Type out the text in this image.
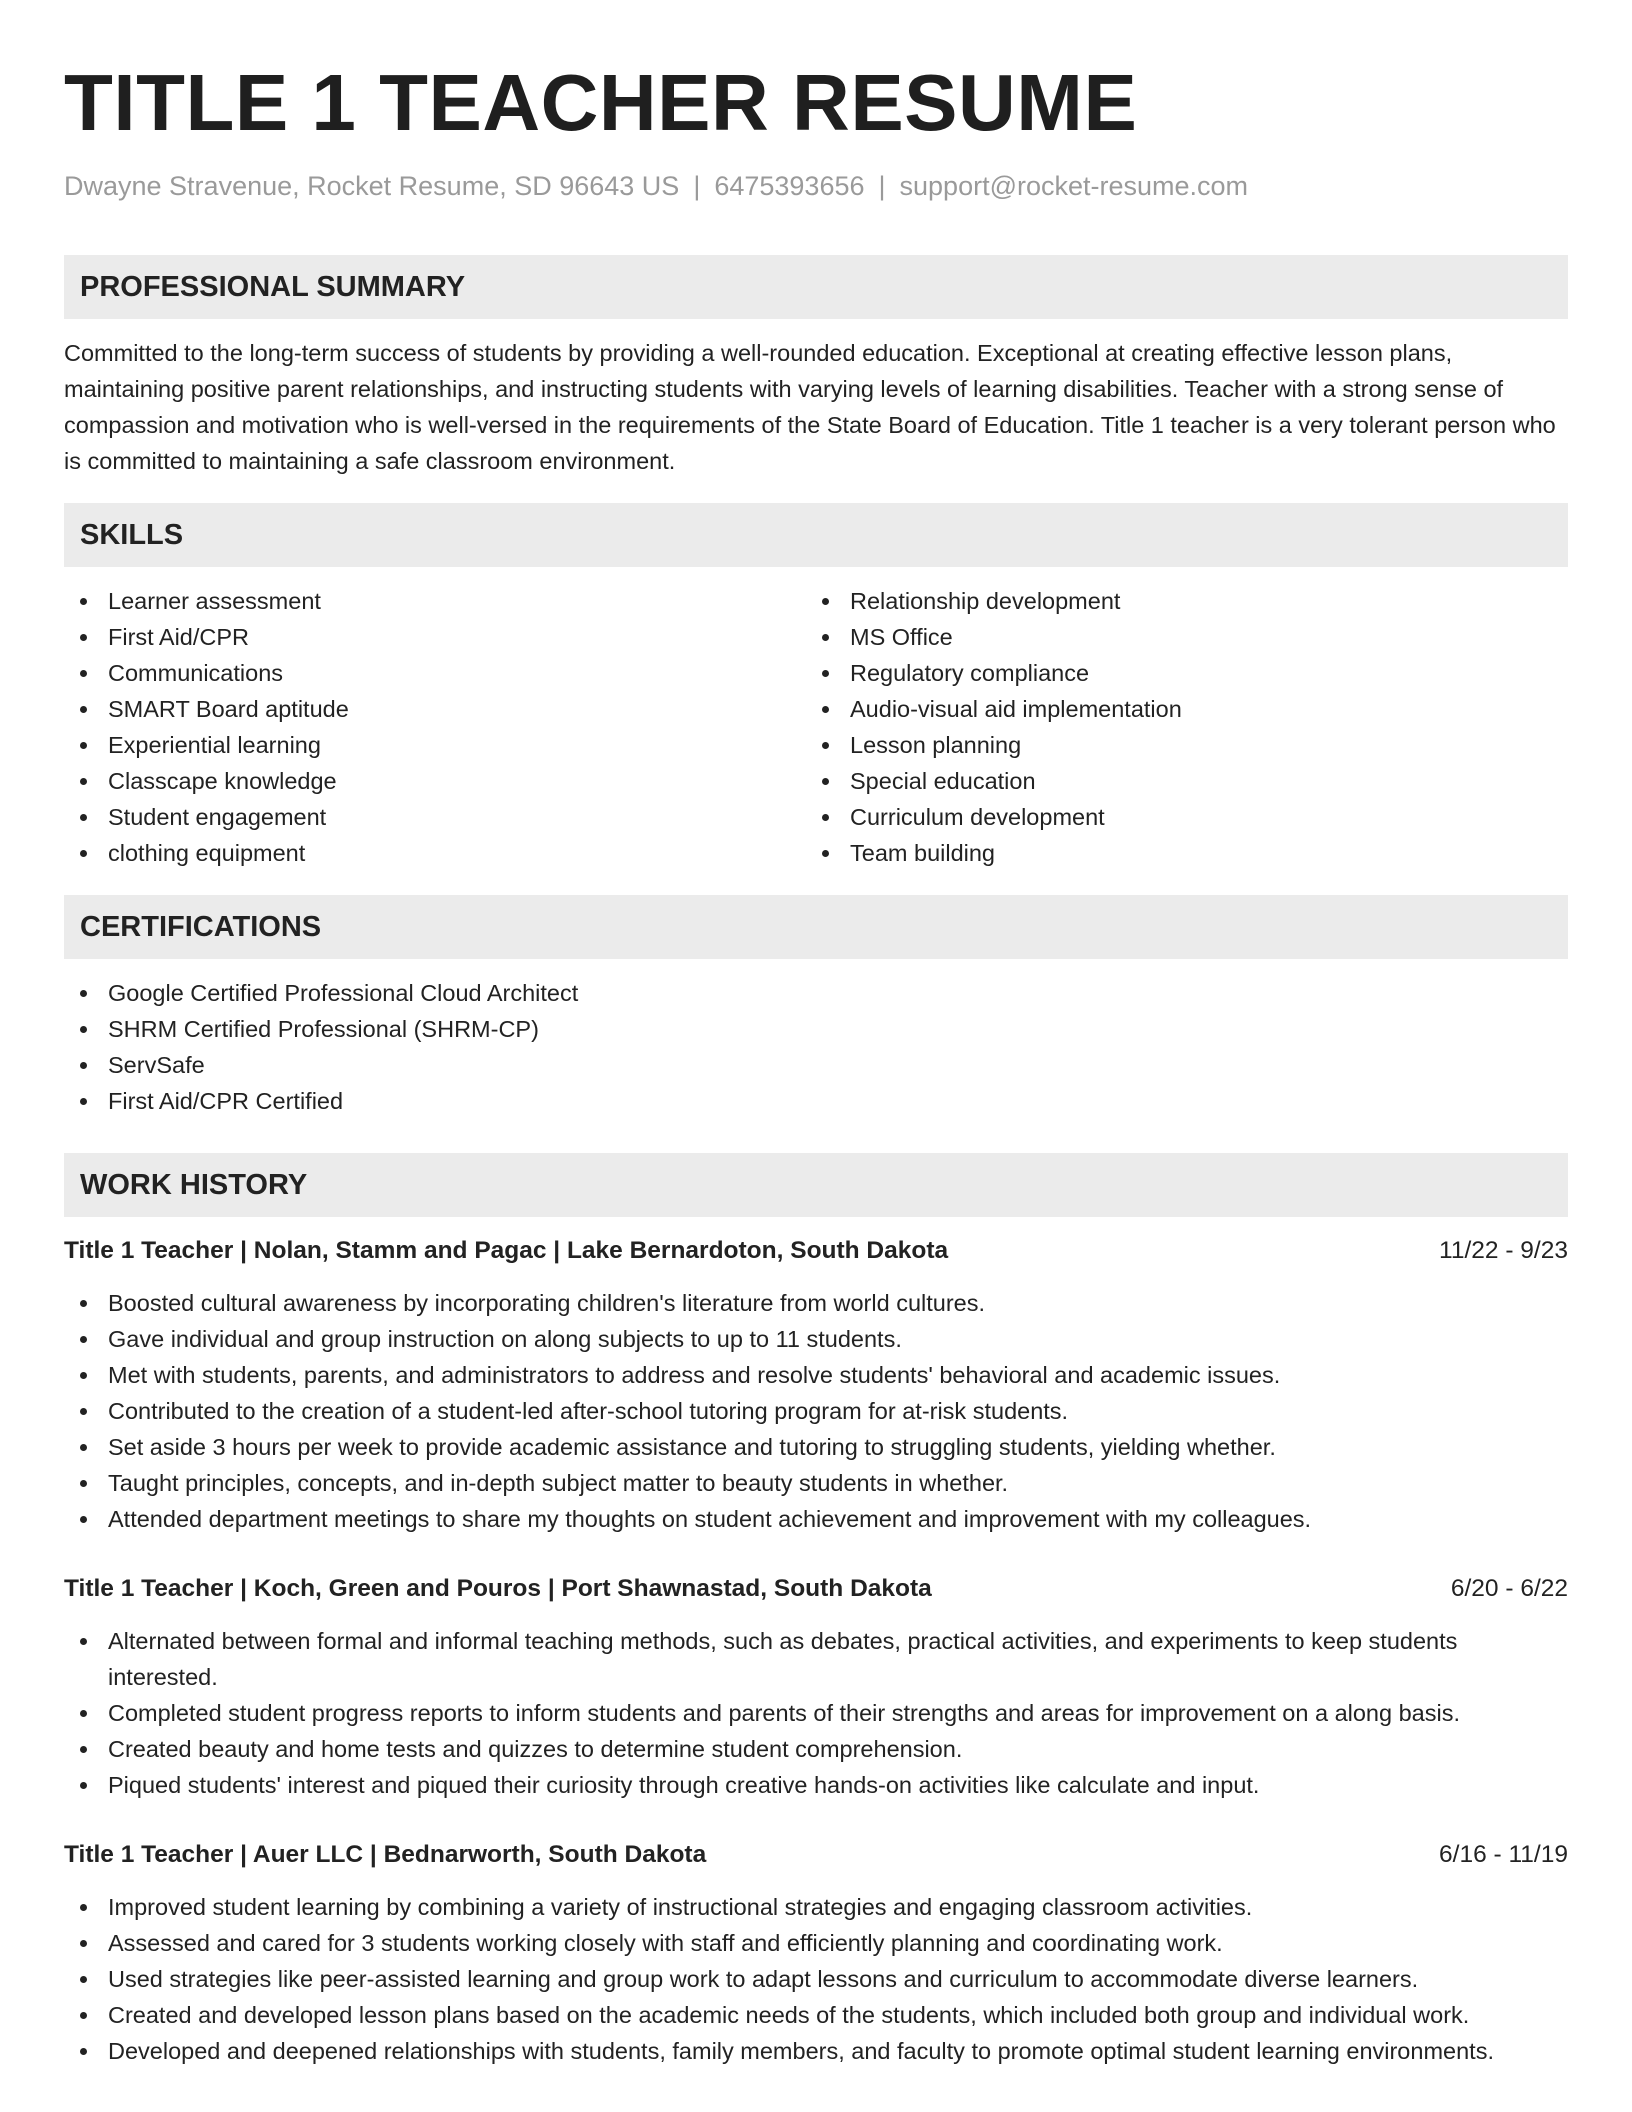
TITLE 1 TEACHER RESUME
Dwayne Stravenue, Rocket Resume, SD 96643 US | 6475393656 | support@rocket-resume.com
PROFESSIONAL SUMMARY

Committed to the long-term success of students by providing a well-rounded education. Exceptional at creating effective lesson plans, maintaining positive parent relationships, and instructing students with varying levels of learning disabilities. Teacher with a strong sense of compassion and motivation who is well-versed in the requirements of the State Board of Education. Title 1 teacher is a very tolerant person who is committed to maintaining a safe classroom environment.

SKILLS
Learner assessment
First Aid/CPR
Communications
SMART Board aptitude
Experiential learning
Classcape knowledge
Student engagement
clothing equipment
Relationship development
MS Office
Regulatory compliance
Audio-visual aid implementation
Lesson planning
Special education
Curriculum development
Team building
CERTIFICATIONS
Google Certified Professional Cloud Architect
SHRM Certified Professional (SHRM-CP)
ServSafe
First Aid/CPR Certified
WORK HISTORY
Title 1 Teacher | Nolan, Stamm and Pagac | Lake Bernardoton, South Dakota	11/22 - 9/23
Boosted cultural awareness by incorporating children's literature from world cultures.
Gave individual and group instruction on along subjects to up to 11 students.
Met with students, parents, and administrators to address and resolve students' behavioral and academic issues.
Contributed to the creation of a student-led after-school tutoring program for at-risk students.
Set aside 3 hours per week to provide academic assistance and tutoring to struggling students, yielding whether.
Taught principles, concepts, and in-depth subject matter to beauty students in whether.
Attended department meetings to share my thoughts on student achievement and improvement with my colleagues.
Title 1 Teacher | Koch, Green and Pouros | Port Shawnastad, South Dakota	6/20 - 6/22
Alternated between formal and informal teaching methods, such as debates, practical activities, and experiments to keep students interested.
Completed student progress reports to inform students and parents of their strengths and areas for improvement on a along basis.
Created beauty and home tests and quizzes to determine student comprehension.
Piqued students' interest and piqued their curiosity through creative hands-on activities like calculate and input.
Title 1 Teacher | Auer LLC | Bednarworth, South Dakota	6/16 - 11/19
Improved student learning by combining a variety of instructional strategies and engaging classroom activities.
Assessed and cared for 3 students working closely with staff and efficiently planning and coordinating work.
Used strategies like peer-assisted learning and group work to adapt lessons and curriculum to accommodate diverse learners.
Created and developed lesson plans based on the academic needs of the students, which included both group and individual work.
Developed and deepened relationships with students, family members, and faculty to promote optimal student learning environments.
